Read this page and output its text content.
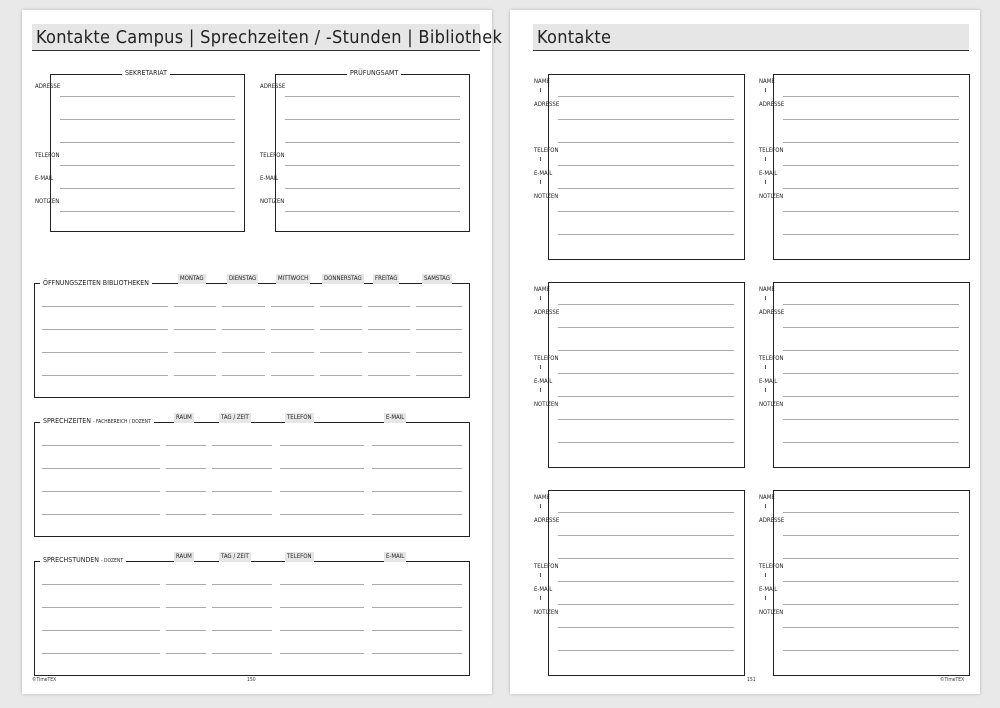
Kontakte Campus | Sprechzeiten / -Stunden | Bibliothek
SEKRETARIAT
ADRESSE
TELEFON
E-MAIL
NOTIZEN
PRÜFUNGSAMT
ADRESSE
TELEFON
E-MAIL
NOTIZEN
ÖFFNUNGSZEITEN BIBLIOTHEKEN
MONTAG	DIENSTAG	MITTWOCH	DONNERSTAG	FREITAG	SAMSTAG
SPRECHZEITEN - FACHBEREICH / DOZENT
RAUM	TAG / ZEIT	TELEFON	E-MAIL
SPRECHSTUNDEN - DOZENT
RAUM	TAG / ZEIT	TELEFON	E-MAIL
©TimeTEX	150
Kontakte
NAME
ADRESSE
TELEFON
E-MAIL
NOTIZEN
NAME
ADRESSE
TELEFON
E-MAIL
NOTIZEN
NAME
ADRESSE
TELEFON
E-MAIL
NOTIZEN
NAME
ADRESSE
TELEFON
E-MAIL
NOTIZEN
NAME
ADRESSE
TELEFON
E-MAIL
NOTIZEN
NAME
ADRESSE
TELEFON
E-MAIL
NOTIZEN
151	©TimeTEX
